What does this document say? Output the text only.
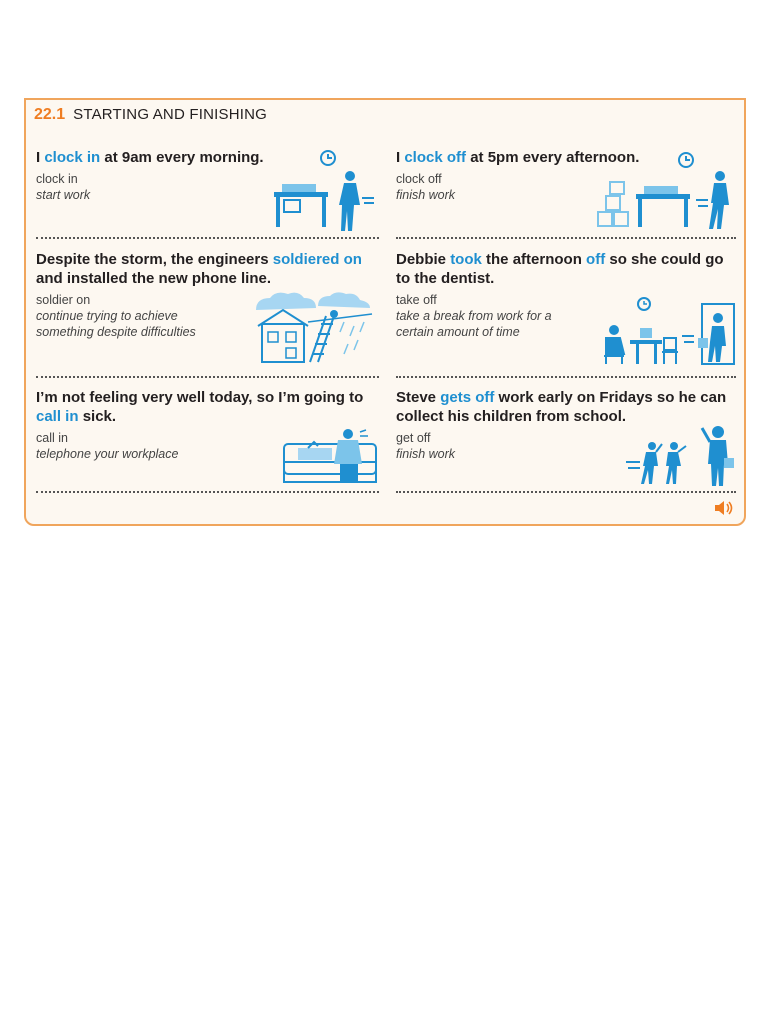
22.1 STARTING AND FINISHING
I clock in at 9am every morning.
clock in
start work
I clock off at 5pm every afternoon.
clock off
finish work
Despite the storm, the engineers soldiered on and installed the new phone line.
soldier on
continue trying to achieve something despite difficulties
Debbie took the afternoon off so she could go to the dentist.
take off
take a break from work for a certain amount of time
I’m not feeling very well today, so I’m going to call in sick.
call in
telephone your workplace
Steve gets off work early on Fridays so he can collect his children from school.
get off
finish work
